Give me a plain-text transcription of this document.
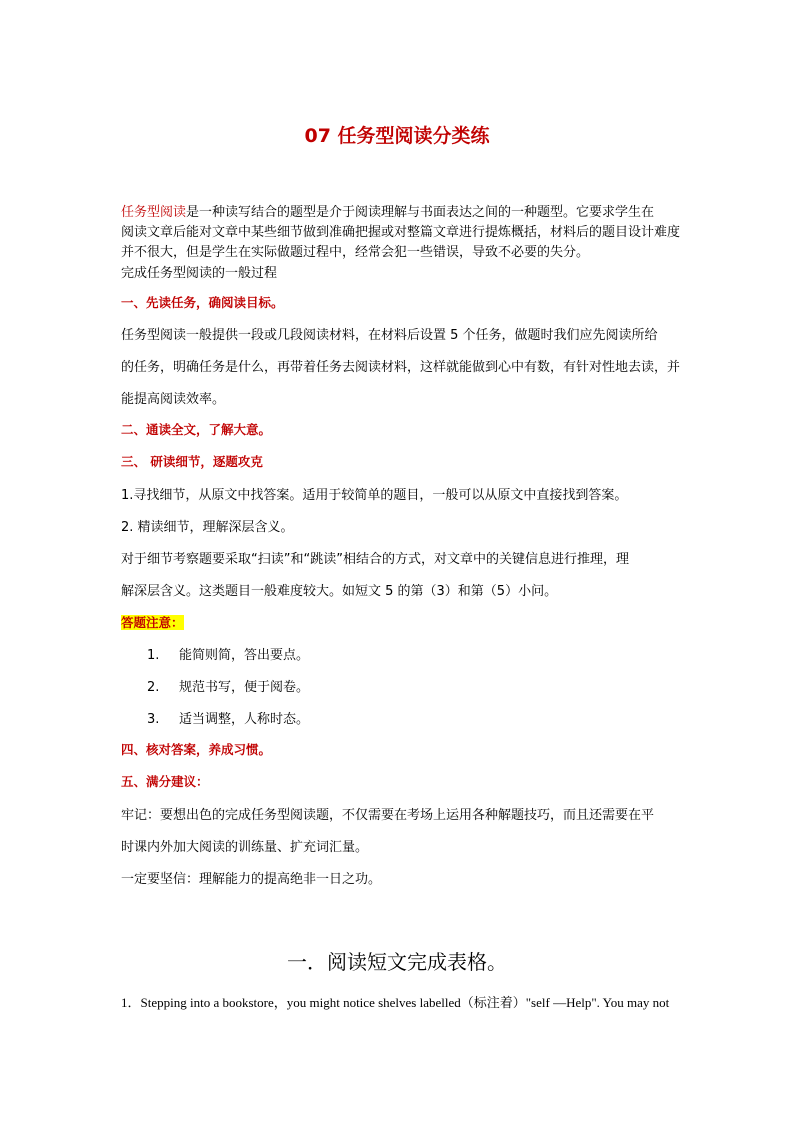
07 任务型阅读分类练
任务型阅读是一种读写结合的题型是介于阅读理解与书面表达之间的一种题型。它要求学生在
阅读文章后能对文章中某些细节做到准确把握或对整篇文章进行提炼概括，材料后的题目设计难度
并不很大，但是学生在实际做题过程中，经常会犯一些错误，导致不必要的失分。
完成任务型阅读的一般过程
一、先读任务，确阅读目标。
任务型阅读一般提供一段或几段阅读材料，在材料后设置 5 个任务，做题时我们应先阅读所给
的任务，明确任务是什么，再带着任务去阅读材料，这样就能做到心中有数，有针对性地去读，并
能提高阅读效率。
二、通读全文，了解大意。
三、 研读细节，逐题攻克
1.寻找细节，从原文中找答案。适用于较简单的题目，一般可以从原文中直接找到答案。
2. 精读细节，理解深层含义。
对于细节考察题要采取“扫读”和“跳读”相结合的方式，对文章中的关键信息进行推理，理
解深层含义。这类题目一般难度较大。如短文 5 的第（3）和第（5）小问。
答题注意：
1. 能简则简，答出要点。
2. 规范书写，便于阅卷。
3. 适当调整，人称时态。
四、核对答案，养成习惯。
五、满分建议：
牢记：要想出色的完成任务型阅读题，不仅需要在考场上运用各种解题技巧，而且还需要在平
时课内外加大阅读的训练量、扩充词汇量。
一定要坚信：理解能力的提高绝非一日之功。
一．阅读短文完成表格。
1．Stepping into a bookstore，you might notice shelves labelled（标注着）"self —Help". You may not
